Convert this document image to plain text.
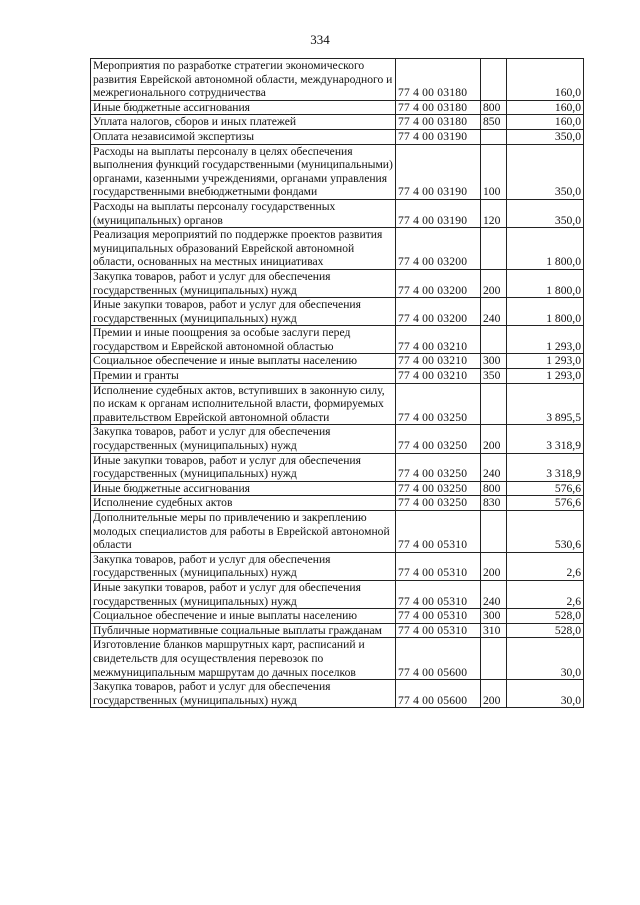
334
Мероприятия по разработке стратегии экономического развития Еврейской автономной области, международного и межрегионального сотрудничества	77 4 00 03180		160,0
Иные бюджетные ассигнования	77 4 00 03180	800	160,0
Уплата налогов, сборов и иных платежей	77 4 00 03180	850	160,0
Оплата независимой экспертизы	77 4 00 03190		350,0
Расходы на выплаты персоналу в целях обеспечения выполнения функций государственными (муниципальными) органами, казенными учреждениями, органами управления государственными внебюджетными фондами	77 4 00 03190	100	350,0
Расходы на выплаты персоналу государственных (муниципальных) органов	77 4 00 03190	120	350,0
Реализация мероприятий по поддержке проектов развития муниципальных образований Еврейской автономной области, основанных на местных инициативах	77 4 00 03200		1 800,0
Закупка товаров, работ и услуг для обеспечения государственных (муниципальных) нужд	77 4 00 03200	200	1 800,0
Иные закупки товаров, работ и услуг для обеспечения государственных (муниципальных) нужд	77 4 00 03200	240	1 800,0
Премии и иные поощрения за особые заслуги перед государством и Еврейской автономной областью	77 4 00 03210		1 293,0
Социальное обеспечение и иные выплаты населению	77 4 00 03210	300	1 293,0
Премии и гранты	77 4 00 03210	350	1 293,0
Исполнение судебных актов, вступивших в законную силу, по искам к органам исполнительной власти, формируемых правительством Еврейской автономной области	77 4 00 03250		3 895,5
Закупка товаров, работ и услуг для обеспечения государственных (муниципальных) нужд	77 4 00 03250	200	3 318,9
Иные закупки товаров, работ и услуг для обеспечения государственных (муниципальных) нужд	77 4 00 03250	240	3 318,9
Иные бюджетные ассигнования	77 4 00 03250	800	576,6
Исполнение судебных актов	77 4 00 03250	830	576,6
Дополнительные меры по привлечению и закреплению молодых специалистов для работы в Еврейской автономной области	77 4 00 05310		530,6
Закупка товаров, работ и услуг для обеспечения государственных (муниципальных) нужд	77 4 00 05310	200	2,6
Иные закупки товаров, работ и услуг для обеспечения государственных (муниципальных) нужд	77 4 00 05310	240	2,6
Социальное обеспечение и иные выплаты населению	77 4 00 05310	300	528,0
Публичные нормативные социальные выплаты гражданам	77 4 00 05310	310	528,0
Изготовление бланков маршрутных карт, расписаний и свидетельств для осуществления перевозок по межмуниципальным маршрутам до дачных поселков	77 4 00 05600		30,0
Закупка товаров, работ и услуг для обеспечения государственных (муниципальных) нужд	77 4 00 05600	200	30,0
